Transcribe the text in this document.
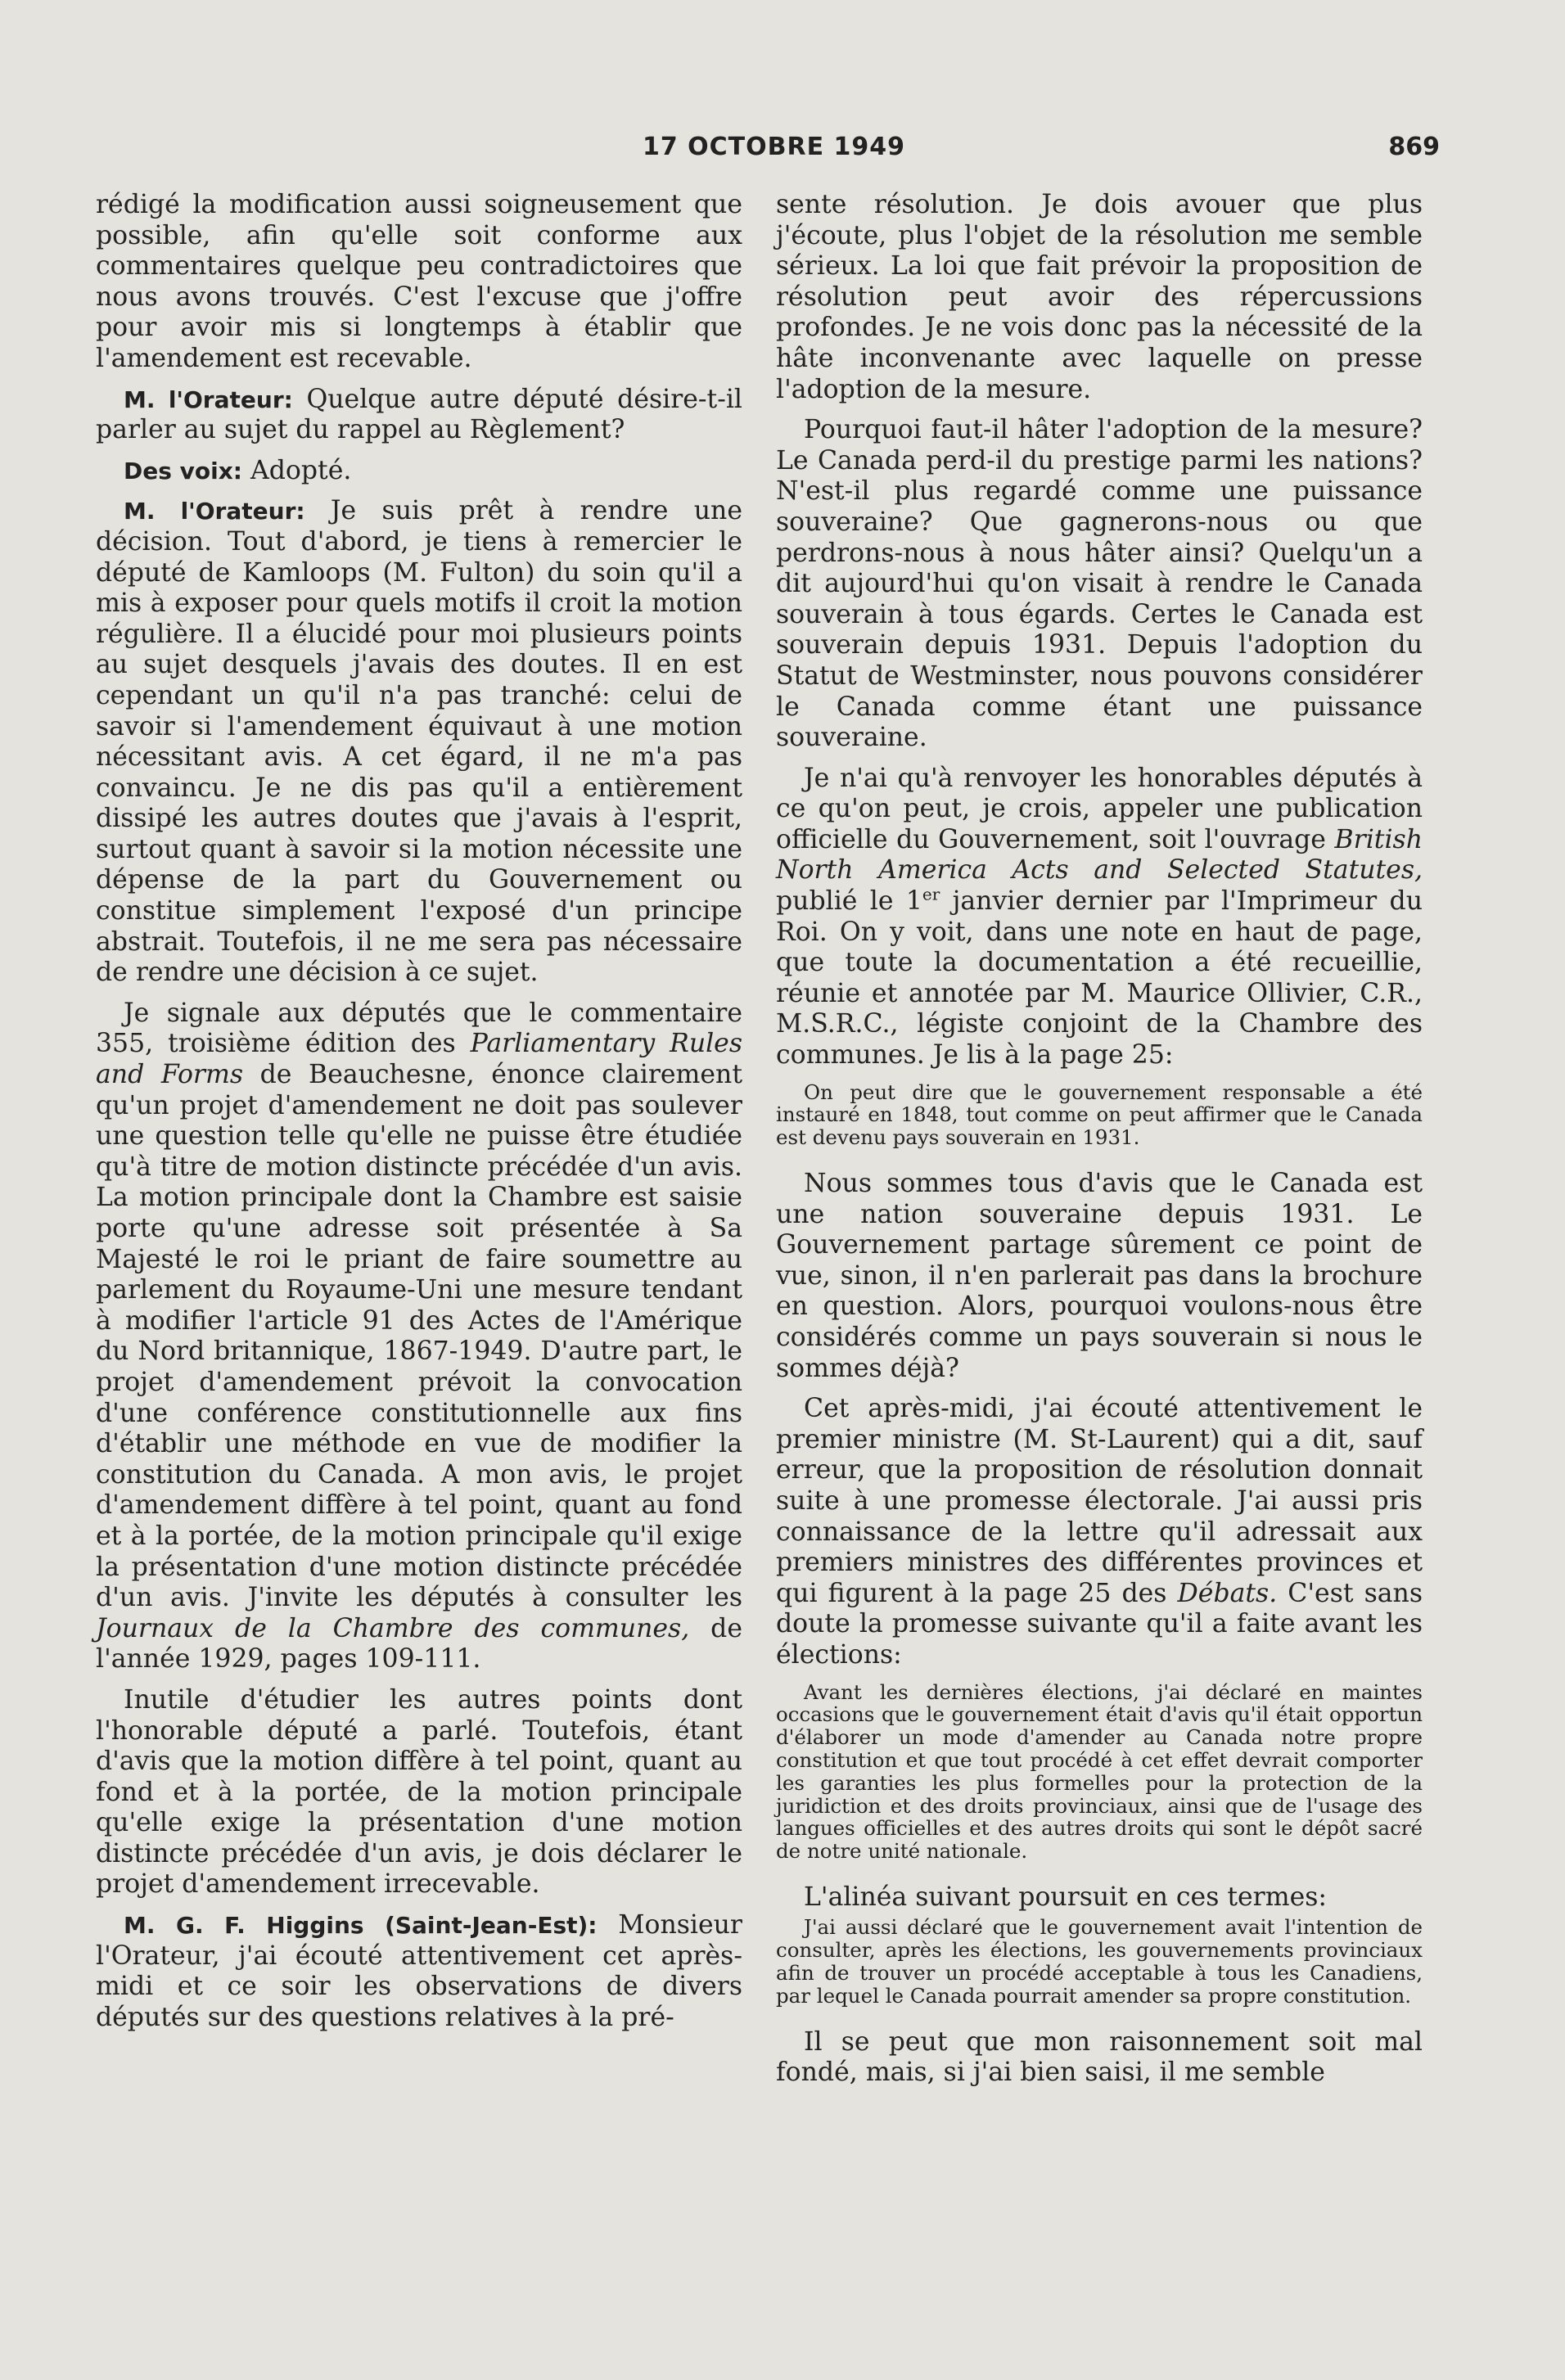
17 OCTOBRE 1949	869

rédigé la modification aussi soigneusement que possible, afin qu'elle soit conforme aux commentaires quelque peu contradictoires que nous avons trouvés. C'est l'excuse que j'offre pour avoir mis si longtemps à établir que l'amendement est recevable.

M. l'Orateur: Quelque autre député désire-t-il parler au sujet du rappel au Règlement?

Des voix: Adopté.

M. l'Orateur: Je suis prêt à rendre une décision. Tout d'abord, je tiens à remercier le député de Kamloops (M. Fulton) du soin qu'il a mis à exposer pour quels motifs il croit la motion régulière. Il a élucidé pour moi plusieurs points au sujet desquels j'avais des doutes. Il en est cependant un qu'il n'a pas tranché: celui de savoir si l'amendement équivaut à une motion nécessitant avis. A cet égard, il ne m'a pas convaincu. Je ne dis pas qu'il a entièrement dissipé les autres doutes que j'avais à l'esprit, surtout quant à savoir si la motion nécessite une dépense de la part du Gouvernement ou constitue simplement l'exposé d'un principe abstrait. Toutefois, il ne me sera pas nécessaire de rendre une décision à ce sujet.

Je signale aux députés que le commentaire 355, troisième édition des Parliamentary Rules and Forms de Beauchesne, énonce clairement qu'un projet d'amendement ne doit pas soulever une question telle qu'elle ne puisse être étudiée qu'à titre de motion distincte précédée d'un avis. La motion principale dont la Chambre est saisie porte qu'une adresse soit présentée à Sa Majesté le roi le priant de faire soumettre au parlement du Royaume-Uni une mesure tendant à modifier l'article 91 des Actes de l'Amérique du Nord britannique, 1867-1949. D'autre part, le projet d'amendement prévoit la convocation d'une conférence constitutionnelle aux fins d'établir une méthode en vue de modifier la constitution du Canada. A mon avis, le projet d'amendement diffère à tel point, quant au fond et à la portée, de la motion principale qu'il exige la présentation d'une motion distincte précédée d'un avis. J'invite les députés à consulter les Journaux de la Chambre des communes, de l'année 1929, pages 109-111.

Inutile d'étudier les autres points dont l'honorable député a parlé. Toutefois, étant d'avis que la motion diffère à tel point, quant au fond et à la portée, de la motion principale qu'elle exige la présentation d'une motion distincte précédée d'un avis, je dois déclarer le projet d'amendement irrecevable.

M. G. F. Higgins (Saint-Jean-Est): Monsieur l'Orateur, j'ai écouté attentivement cet après-midi et ce soir les observations de divers députés sur des questions relatives à la pré-

sente résolution. Je dois avouer que plus j'écoute, plus l'objet de la résolution me semble sérieux. La loi que fait prévoir la proposition de résolution peut avoir des répercussions profondes. Je ne vois donc pas la nécessité de la hâte inconvenante avec laquelle on presse l'adoption de la mesure.

Pourquoi faut-il hâter l'adoption de la mesure? Le Canada perd-il du prestige parmi les nations? N'est-il plus regardé comme une puissance souveraine? Que gagnerons-nous ou que perdrons-nous à nous hâter ainsi? Quelqu'un a dit aujourd'hui qu'on visait à rendre le Canada souverain à tous égards. Certes le Canada est souverain depuis 1931. Depuis l'adoption du Statut de Westminster, nous pouvons considérer le Canada comme étant une puissance souveraine.

Je n'ai qu'à renvoyer les honorables députés à ce qu'on peut, je crois, appeler une publication officielle du Gouvernement, soit l'ouvrage British North America Acts and Selected Statutes, publié le 1er janvier dernier par l'Imprimeur du Roi. On y voit, dans une note en haut de page, que toute la documentation a été recueillie, réunie et annotée par M. Maurice Ollivier, C.R., M.S.R.C., légiste conjoint de la Chambre des communes. Je lis à la page 25:

On peut dire que le gouvernement responsable a été instauré en 1848, tout comme on peut affirmer que le Canada est devenu pays souverain en 1931.

Nous sommes tous d'avis que le Canada est une nation souveraine depuis 1931. Le Gouvernement partage sûrement ce point de vue, sinon, il n'en parlerait pas dans la brochure en question. Alors, pourquoi voulons-nous être considérés comme un pays souverain si nous le sommes déjà?

Cet après-midi, j'ai écouté attentivement le premier ministre (M. St-Laurent) qui a dit, sauf erreur, que la proposition de résolution donnait suite à une promesse électorale. J'ai aussi pris connaissance de la lettre qu'il adressait aux premiers ministres des différentes provinces et qui figurent à la page 25 des Débats. C'est sans doute la promesse suivante qu'il a faite avant les élections:

Avant les dernières élections, j'ai déclaré en maintes occasions que le gouvernement était d'avis qu'il était opportun d'élaborer un mode d'amender au Canada notre propre constitution et que tout procédé à cet effet devrait comporter les garanties les plus formelles pour la protection de la juridiction et des droits provinciaux, ainsi que de l'usage des langues officielles et des autres droits qui sont le dépôt sacré de notre unité nationale.

L'alinéa suivant poursuit en ces termes:

J'ai aussi déclaré que le gouvernement avait l'intention de consulter, après les élections, les gouvernements provinciaux afin de trouver un procédé acceptable à tous les Canadiens, par lequel le Canada pourrait amender sa propre constitution.

Il se peut que mon raisonnement soit mal fondé, mais, si j'ai bien saisi, il me semble
